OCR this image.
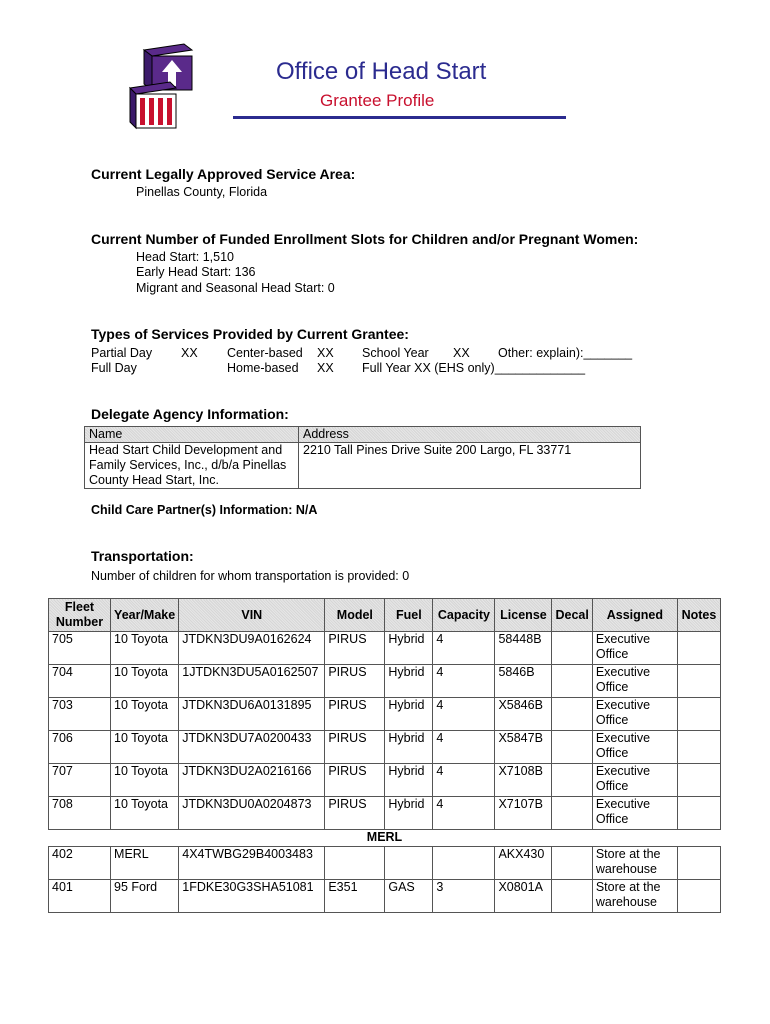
Office of Head Start
Grantee Profile
Current Legally Approved Service Area:
Pinellas County, Florida
Current Number of Funded Enrollment Slots for Children and/or Pregnant Women:
Head Start: 1,510
Early Head Start: 136
Migrant and Seasonal Head Start: 0
Types of Services Provided by Current Grantee:
Partial Day XX Center-based XX School Year XX Other: explain):_______
Full Day	Home-based XX Full Year XX (EHS only)_____________
Delegate Agency Information:
Name	Address

Head Start Child Development and
Family Services, Inc., d/b/a Pinellas
County Head Start, Inc.	2210 Tall Pines Drive Suite 200 Largo, FL 33771
Child Care Partner(s) Information: N/A
Transportation:
Number of children for whom transportation is provided: 0
Fleet Number	Year/Make	VIN	Model	Fuel	Capacity	License	Decal	Assigned	Notes
705	10 Toyota	JTDKN3DU9A0162624	PIRUS	Hybrid	4	58448B		Executive Office	
704	10 Toyota	1JTDKN3DU5A0162507	PIRUS	Hybrid	4	5846B		Executive Office	
703	10 Toyota	JTDKN3DU6A0131895	PIRUS	Hybrid	4	X5846B		Executive Office	
706	10 Toyota	JTDKN3DU7A0200433	PIRUS	Hybrid	4	X5847B		Executive Office	
707	10 Toyota	JTDKN3DU2A0216166	PIRUS	Hybrid	4	X7108B		Executive Office	
708	10 Toyota	JTDKN3DU0A0204873	PIRUS	Hybrid	4	X7107B		Executive Office	
MERL									
402	MERL	4X4TWBG29B4003483				AKX430		Store at the warehouse	
401	95 Ford	1FDKE30G3SHA51081	E351	GAS	3	X0801A		Store at the warehouse	
